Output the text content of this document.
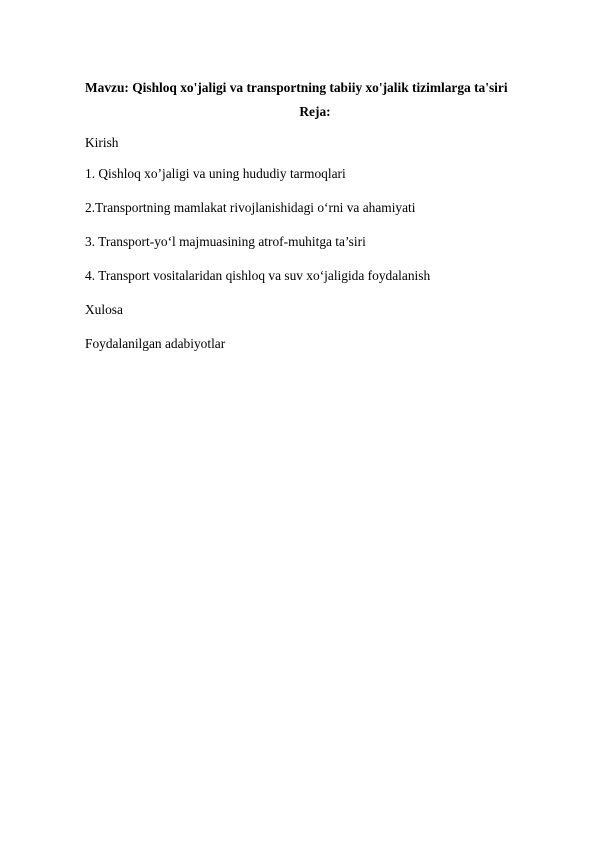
Mavzu: Qishloq xo'jaligi va transportning tabiiy xo'jalik tizimlarga ta'siri
Reja:
Kirish
1. Qishloq xo’jaligi va uning hududiy tarmoqlari
2.Transportning mamlakat rivojlanishidagi o‘rni va ahamiyati
3. Transport-yo‘l majmuasining atrof-muhitga ta’siri
4. Transport vositalaridan qishloq va suv xo‘jaligida foydalanish
Xulosa
Foydalanilgan adabiyotlar
